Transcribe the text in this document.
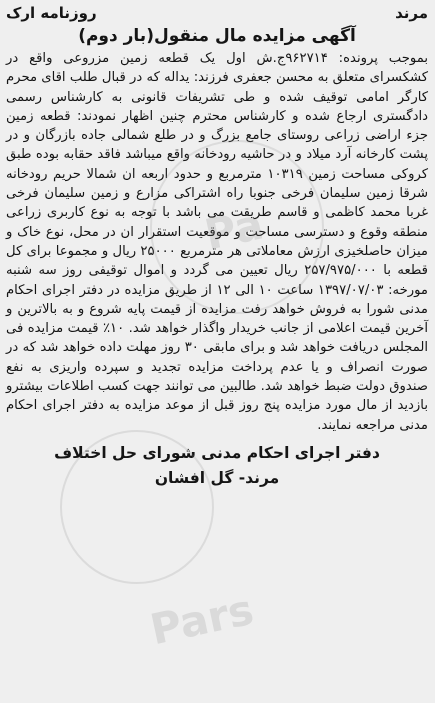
Pa
Pars
مرند
روزنامه ارک
آگهی مزایده مال منقول(بار دوم)

بموجب پرونده: ۹۶۲۷۱۴ج.ش اول یک قطعه زمین مزروعی واقع در کشکسرای متعلق به محسن جعفری فرزند: یداله که در قبال طلب اقای محرم کارگر امامی توقیف شده و طی تشریفات قانونی به کارشناس رسمی دادگستری ارجاع شده و کارشناس محترم چنین اظهار نمودند: قطعه زمین جزء اراضی زراعی روستای جامع بزرگ و در طلع شمالی جاده بازرگان و در پشت کارخانه آرد میلاد و در حاشیه رودخانه واقع میباشد فاقد حقابه بوده طبق کروکی مساحت زمین ۱۰۳۱۹ مترمربع و حدود اربعه ان شمالا حریم رودخانه شرقا زمین سلیمان فرخی جنوبا راه اشتراکی مزارع و زمین سلیمان فرخی غربا محمد کاظمی و قاسم طریقت می باشد با توجه به نوع کاربری زراعی منطقه وقوع و دسترسی مساحت و موقعیت استقرار ان در محل، نوع خاک و میزان حاصلخیزی ارزش معاملاتی هر مترمربع ۲۵۰۰۰ ریال و مجموعا برای کل قطعه با ۲۵۷/۹۷۵/۰۰۰ ریال تعیین می گردد و اموال توقیفی روز سه شنبه مورخه: ۱۳۹۷/۰۷/۰۳ ساعت ۱۰ الی ۱۲ از طریق مزایده در دفتر اجرای احکام مدنی شورا به فروش خواهد رفت مزایده از قیمت پایه شروع و به بالاترین و آخرین قیمت اعلامی از جانب خریدار واگذار خواهد شد. ۱۰٪ قیمت مزایده فی المجلس دریافت خواهد شد و برای مابقی ۳۰ روز مهلت داده خواهد شد که در صورت انصراف و یا عدم پرداخت مزایده تجدید و سپرده واریزی به نفع صندوق دولت ضبط خواهد شد. طالبین می توانند جهت کسب اطلاعات بیشترو بازدید از مال مورد مزایده پنج روز قبل از موعد مزایده به دفتر اجرای احکام مدنی مراجعه نمایند.

دفتر اجرای احکام مدنی شورای حل اختلاف
مرند- گل افشان
